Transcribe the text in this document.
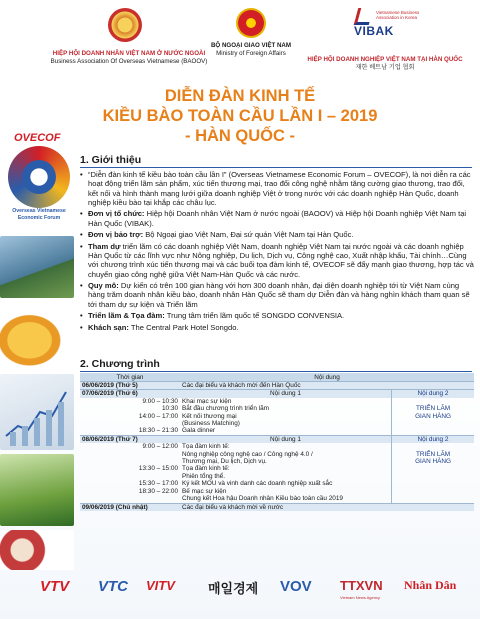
HIỆP HỘI DOANH NHÂN VIỆT NAM Ở NƯỚC NGOÀI
Business Association Of Overseas Vietnamese (BAOOV)
BỘ NGOẠI GIAO VIỆT NAM
Ministry of Foreign Affairs
Vietnamese Business Association in Korea
VIBAK
HIỆP HỘI DOANH NGHIỆP VIỆT NAM TẠI HÀN QUỐC
재한 베트남 기업 협회
DIỄN ĐÀN KINH TẾ
KIỀU BÀO TOÀN CẦU LẦN I – 2019
- HÀN QUỐC -
OVECOF
Overseas Vietnamese Economic Forum
1. Giới thiệu
• “Diễn đàn kinh tế kiều bào toàn cầu lần I” (Overseas Vietnamese Economic Forum – OVECOF), là nơi diễn ra các hoạt động triển lãm sản phẩm, xúc tiến thương mại, trao đổi công nghệ nhằm tăng cường giao thương, trao đổi, kết nối và hình thành mạng lưới giữa doanh nghiệp Việt ở trong nước với các doanh nghiệp Hàn Quốc, doanh nghiệp kiều bào tại khắp các châu lục.
• Đơn vị tổ chức: Hiệp hội Doanh nhân Việt Nam ở nước ngoài (BAOOV) và Hiệp hội Doanh nghiệp Việt Nam tại Hàn Quốc (VIBAK).
• Đơn vị bảo trợ: Bộ Ngoại giao Việt Nam, Đại sứ quán Việt Nam tại Hàn Quốc.
• Tham dự triển lãm có các doanh nghiệp Việt Nam, doanh nghiệp Việt Nam tại nước ngoài và các doanh nghiệp Hàn Quốc từ các lĩnh vực như Nông nghiệp, Du lịch, Dịch vụ, Công nghệ cao, Xuất nhập khẩu, Tài chính…Cùng với chương trình xúc tiến thương mại và các buổi tọa đàm kinh tế, OVECOF sẽ đẩy mạnh giao thương, hợp tác và chuyển giao công nghệ giữa Việt Nam-Hàn Quốc và các nước.
• Quy mô: Dự kiến có trên 100 gian hàng với hơn 300 doanh nhân, đại diện doanh nghiệp tới từ Việt Nam cùng hàng trăm doanh nhân kiều bào, doanh nhân Hàn Quốc sẽ tham dự Diễn đàn và hàng nghìn khách tham quan sẽ tới tham dự sự kiện và Triển lãm
• Triển lãm & Tọa đàm: Trung tâm triển lãm quốc tế SONGDO CONVENSIA.
• Khách sạn: The Central Park Hotel Songdo.
2. Chương trình
Thời gian	Nội dung	
06/06/2019 (Thứ 5)	Các đại biểu và khách mời đến Hàn Quốc	
07/06/2019 (Thứ 6)	Nội dung 1	Nội dung 2
9:00 – 10:30	Khai mạc sự kiện	
10:30	Bắt đầu chương trình triển lãm	TRIỂN LÃM
14:00 – 17:00	Kết nối thương mại	GIAN HÀNG
	(Business Matching)	
18:30 – 21:30	Gala dinner	
08/06/2019 (Thứ 7)	Nội dung 1	Nội dung 2
9:00 – 12:00	Tọa đàm kinh tế:	
	Nông nghiệp công nghệ cao / Công nghệ 4.0 /	TRIỂN LÃM
	Thương mại, Du lịch, Dịch vụ.	GIAN HÀNG
13:30 – 15:00	Tọa đàm kinh tế:	
	Phiên tổng thể.	
15:30 – 17:00	Ký kết MOU và vinh danh các doanh nghiệp xuất sắc	
18:30 – 22:00	Bế mạc sự kiện	
	Chung kết Hoa hậu Doanh nhân Kiều bào toàn cầu 2019	
09/06/2019 (Chủ nhật)	Các đại biểu và khách mời về nước	
VTV VTC VITV	매일경제 VOV TTXVN
Vietnam News Agency
Nhân Dân
